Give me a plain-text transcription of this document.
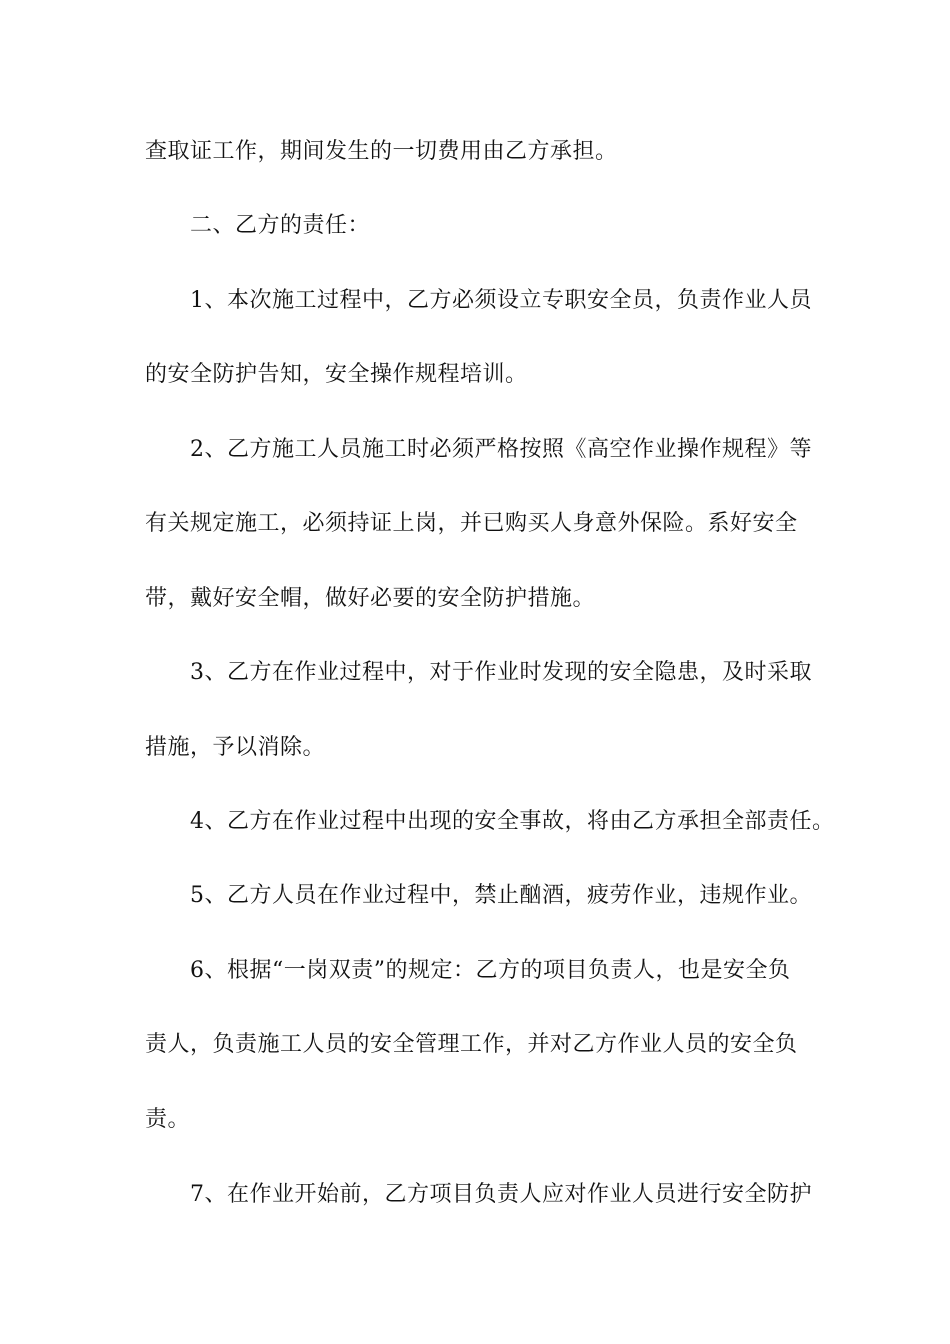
查取证工作，期间发生的一切费用由乙方承担。
二、乙方的责任：
1、本次施工过程中，乙方必须设立专职安全员，负责作业人员
的安全防护告知，安全操作规程培训。
2、乙方施工人员施工时必须严格按照《高空作业操作规程》等
有关规定施工，必须持证上岗，并已购买人身意外保险。系好安全
带，戴好安全帽，做好必要的安全防护措施。
3、乙方在作业过程中，对于作业时发现的安全隐患，及时采取
措施，予以消除。
4、乙方在作业过程中出现的安全事故，将由乙方承担全部责任。
5、乙方人员在作业过程中，禁止酗酒，疲劳作业，违规作业。
6、根据“一岗双责”的规定：乙方的项目负责人，也是安全负
责人，负责施工人员的安全管理工作，并对乙方作业人员的安全负
责。
7、在作业开始前，乙方项目负责人应对作业人员进行安全防护
